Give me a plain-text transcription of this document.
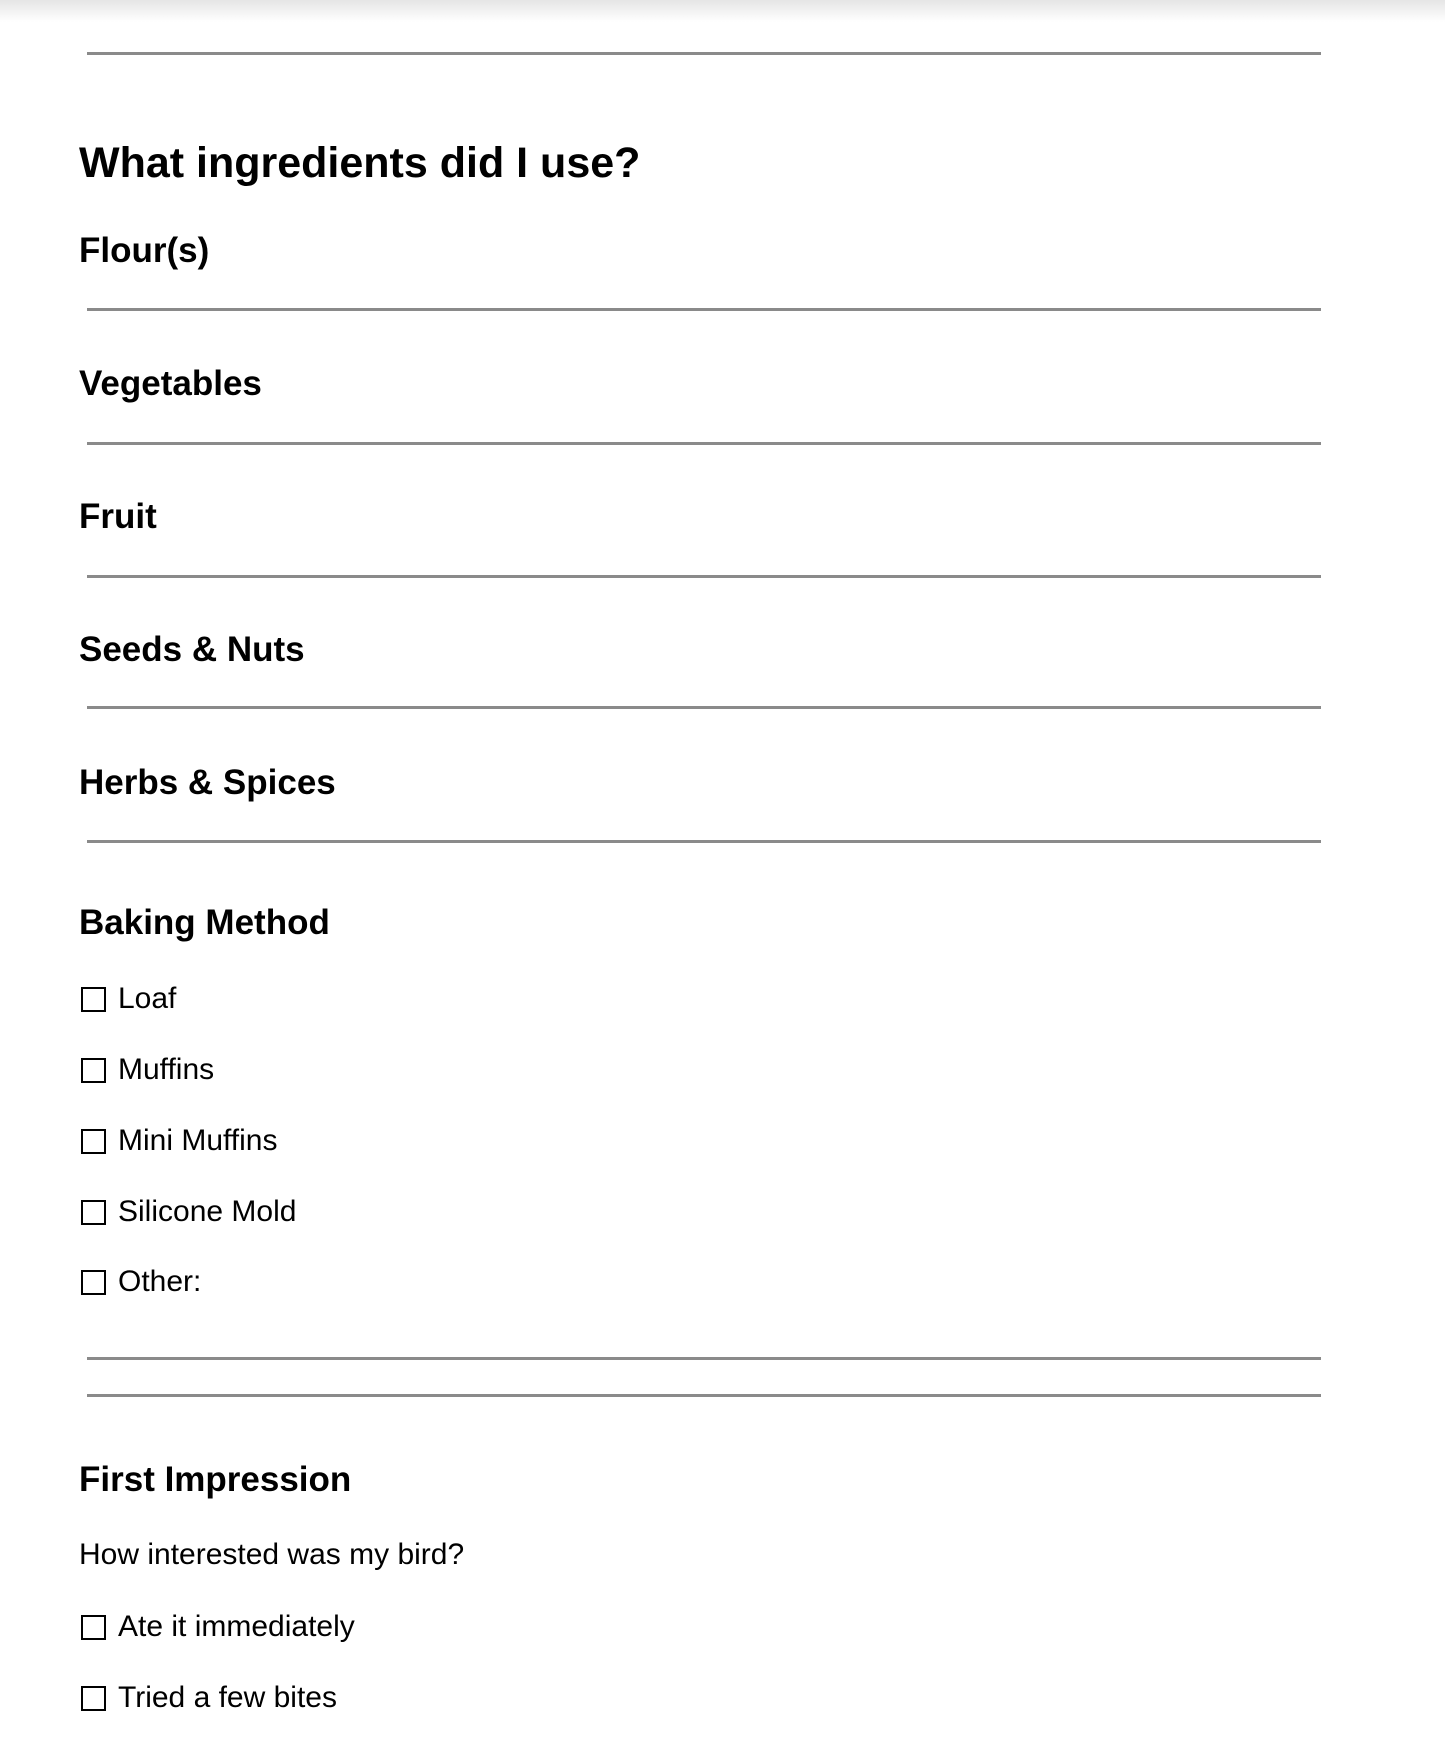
What ingredients did I use?
Flour(s)
Vegetables
Fruit
Seeds & Nuts
Herbs & Spices
Baking Method
Loaf
Muffins
Mini Muffins
Silicone Mold
Other:
First Impression

How interested was my bird?

Ate it immediately
Tried a few bites
